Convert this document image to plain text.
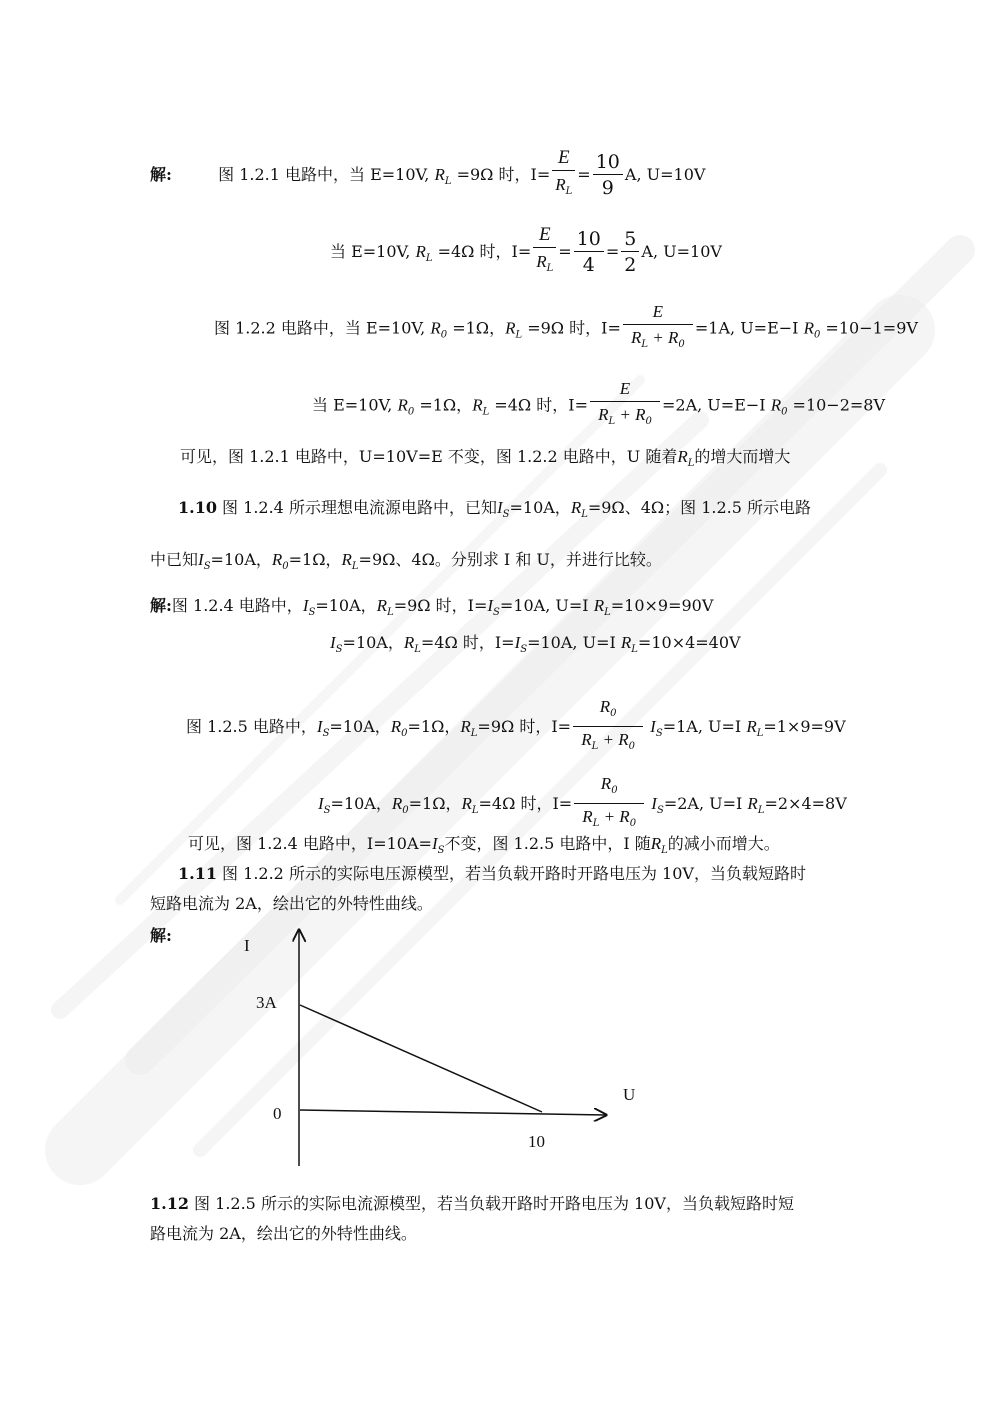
解:	图 1.2.1 电路中，当 E=10V, $R_L =9\Omega$ 时，$I= \frac{E}{R_L} = \frac{10}{9} A$, U=10V
当 E=10V, $R_L =4\Omega$ 时，$I= \frac{E}{R_L} = \frac{10}{4} = \frac{5}{2} A$, U=10V
图 1.2.2 电路中，当 E=10V, $R_0 =1\Omega$，$R_L =9\Omega$ 时，$I= \frac{E}{R_L + R_0} =1A$, U=E−I $R_0 =10-1=9V$
当 E=10V, $R_0 =1\Omega$，$R_L =4\Omega$ 时，$I= \frac{E}{R_L + R_0} =2A$, U=E−I $R_0 =10-2=8V$
可见，图 1.2.1 电路中，U=10V=E 不变，图 1.2.2 电路中，U 随着$R_L$的增大而增大
1.10 图 1.2.4 所示理想电流源电路中，已知$I_S=10A$，$R_L=9\Omega$、4Ω；图 1.2.5 所示电路
中已知$I_S=10A$，$R_0=1\Omega$，$R_L=9\Omega$、4Ω。分别求 I 和 U，并进行比较。
解:图 1.2.4 电路中，$I_S=10A$，$R_L=9\Omega$ 时，$I=I_S=10A$, U=I $R_L=10\times 9=90V$
$I_S=10A$，$R_L=4\Omega$ 时，$I=I_S=10A$, U=I $R_L=10\times 4=40V$
图 1.2.5 电路中，$I_S=10A$，$R_0=1\Omega$，$R_L=9\Omega$ 时，$I= \frac{R_0}{R_L + R_0} I_S=1A$, U=I $R_L=1\times 9=9V$
$I_S=10A$，$R_0=1\Omega$，$R_L=4\Omega$ 时，$I= \frac{R_0}{R_L + R_0} I_S=2A$, U=I $R_L=2\times 4=8V$
可见，图 1.2.4 电路中，$I=10A=I_S$不变，图 1.2.5 电路中，I 随$R_L$的减小而增大。
1.11 图 1.2.2 所示的实际电压源模型，若当负载开路时开路电压为 10V，当负载短路时
短路电流为 2A，绘出它的外特性曲线。
解:
I
U
3A
0
10
1.12 图 1.2.5 所示的实际电流源模型，若当负载开路时开路电压为 10V，当负载短路时短
路电流为 2A，绘出它的外特性曲线。
